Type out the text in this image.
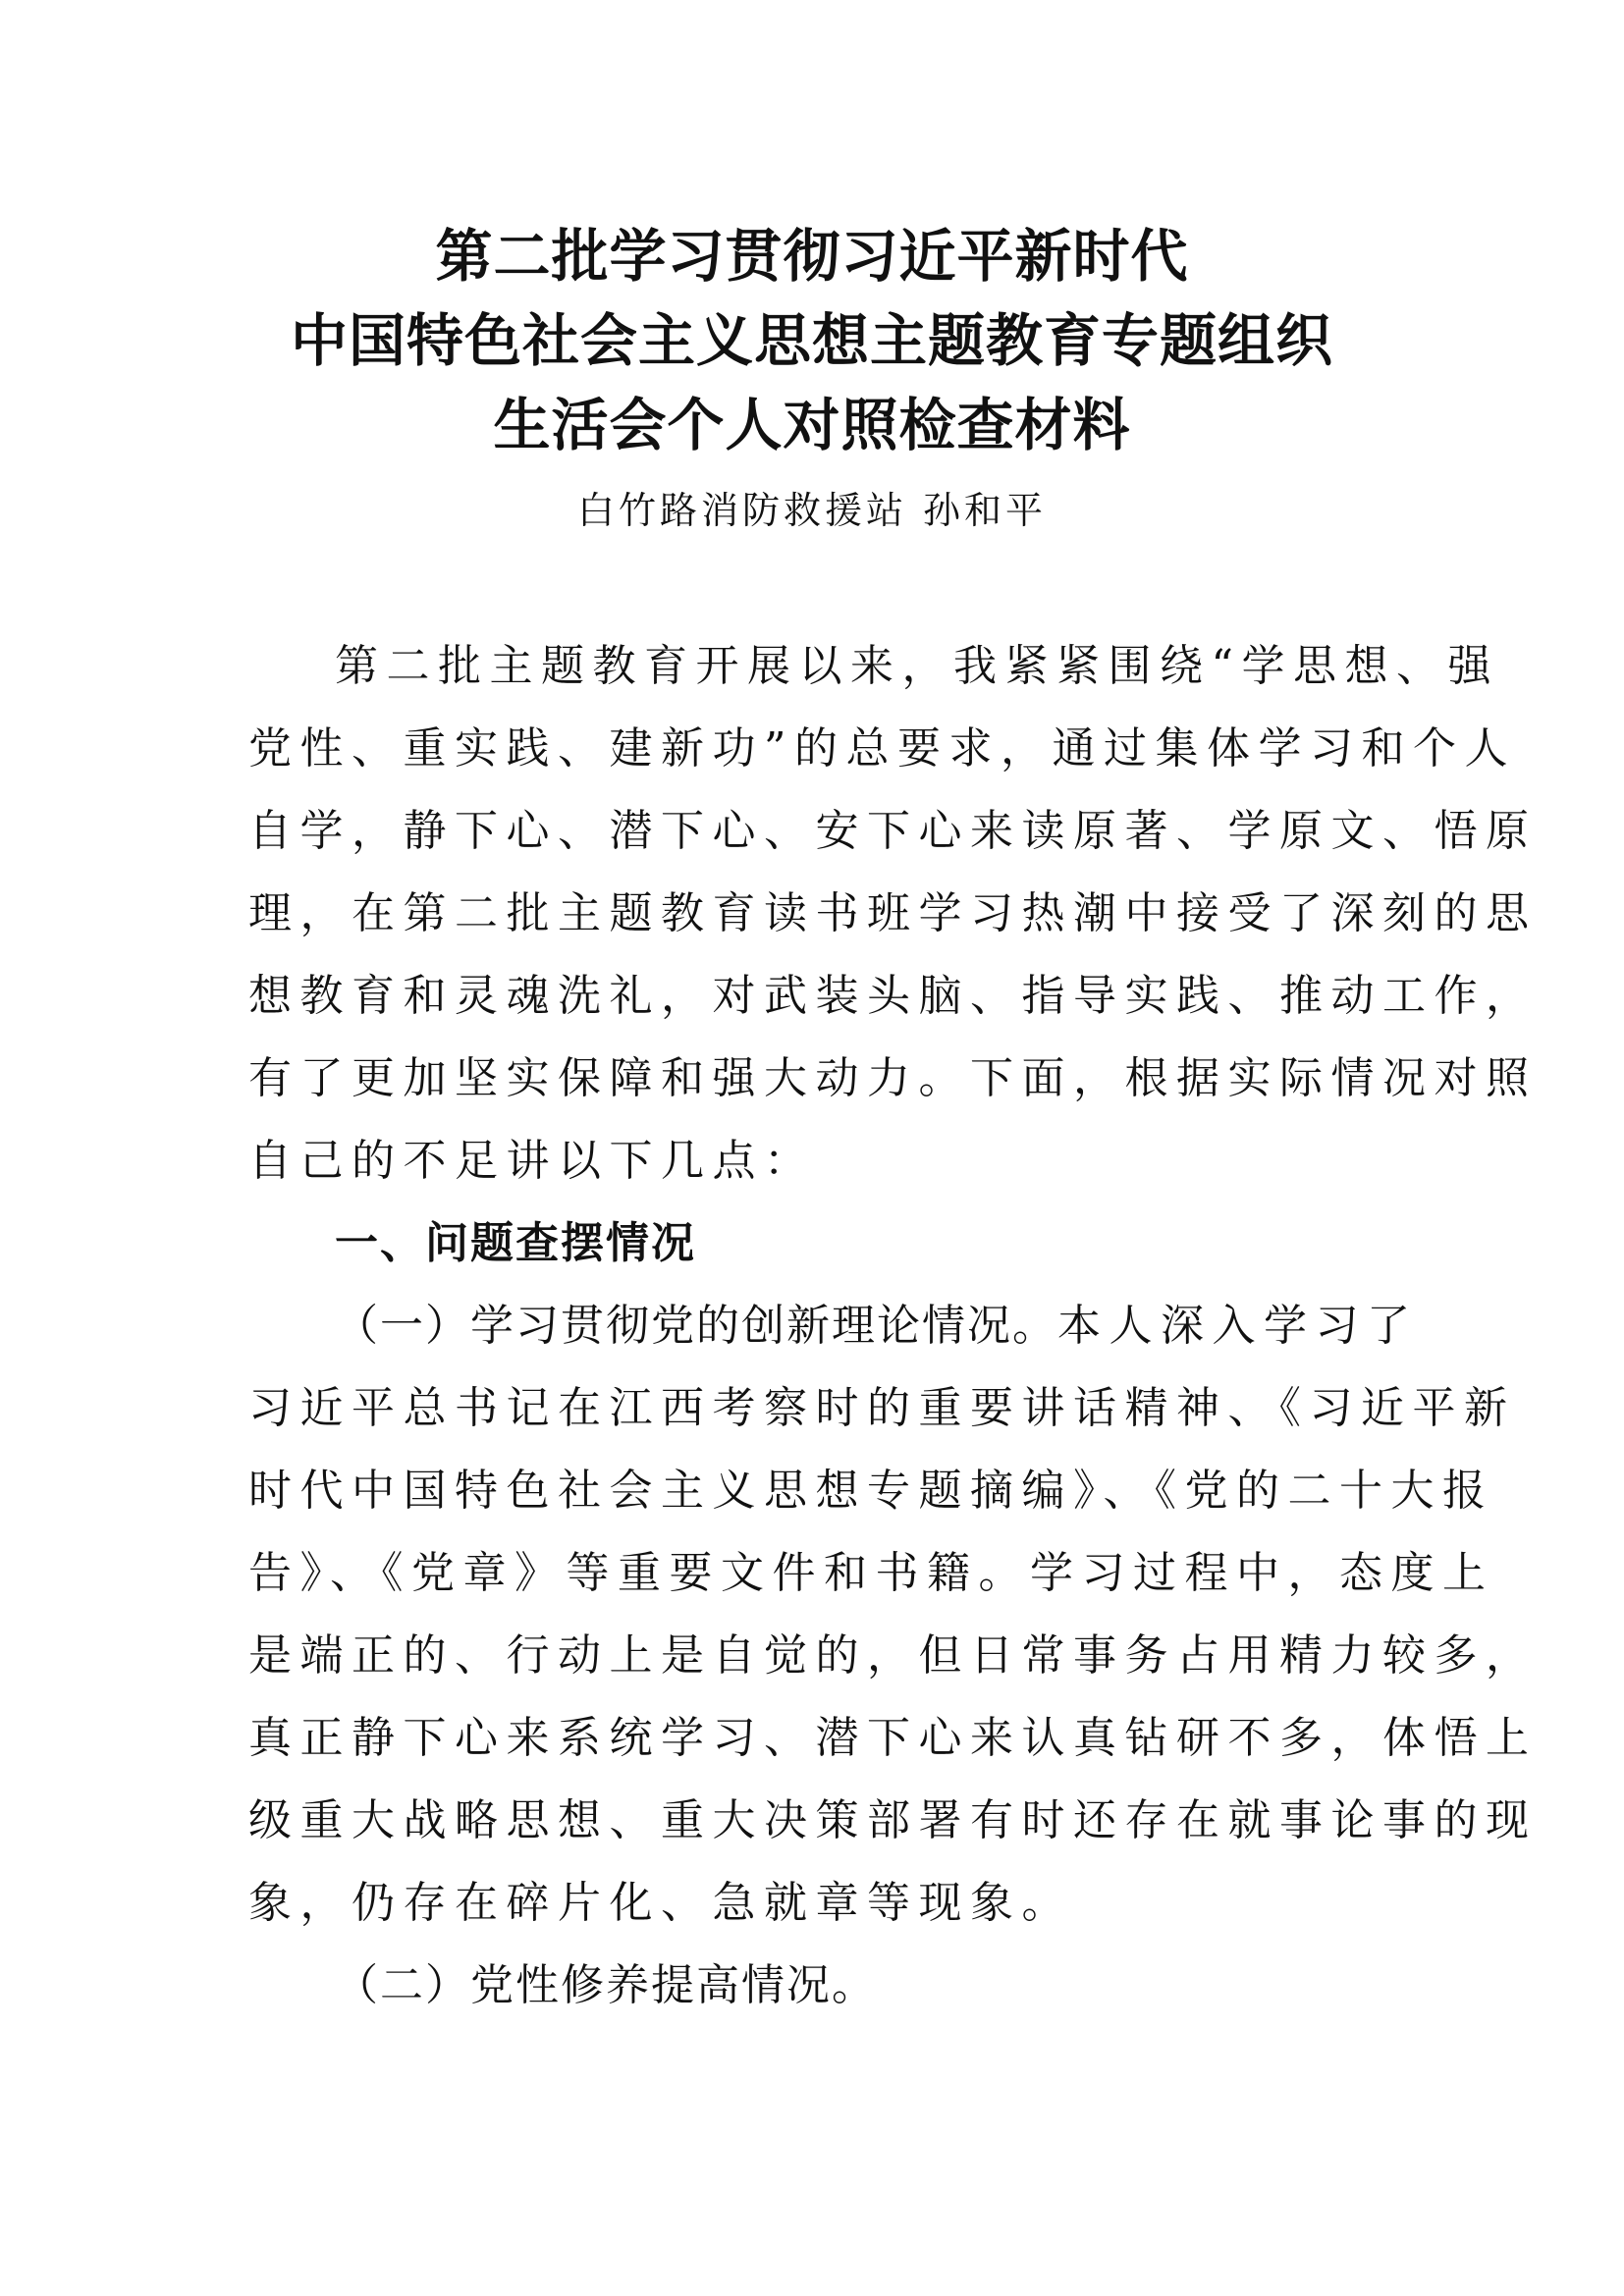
第二批学习贯彻习近平新时代
中国特色社会主义思想主题教育专题组织
生活会个人对照检查材料
白竹路消防救援站 孙和平
第二批主题教育开展以来，我紧紧围绕“学思想、强
党性、重实践、建新功”的总要求，通过集体学习和个人
自学，静下心、潜下心、安下心来读原著、学原文、悟原
理，在第二批主题教育读书班学习热潮中接受了深刻的思
想教育和灵魂洗礼，对武装头脑、指导实践、推动工作，
有了更加坚实保障和强大动力。下面，根据实际情况对照
自己的不足讲以下几点：
一、问题查摆情况
（一）学习贯彻党的创新理论情况。本人深入学习了
习近平总书记在江西考察时的重要讲话精神、《习近平新
时代中国特色社会主义思想专题摘编》、《党的二十大报
告》、《党章》等重要文件和书籍。学习过程中，态度上
是端正的、行动上是自觉的，但日常事务占用精力较多，
真正静下心来系统学习、潜下心来认真钻研不多，体悟上
级重大战略思想、重大决策部署有时还存在就事论事的现
象，仍存在碎片化、急就章等现象。
（二）党性修养提高情况。
